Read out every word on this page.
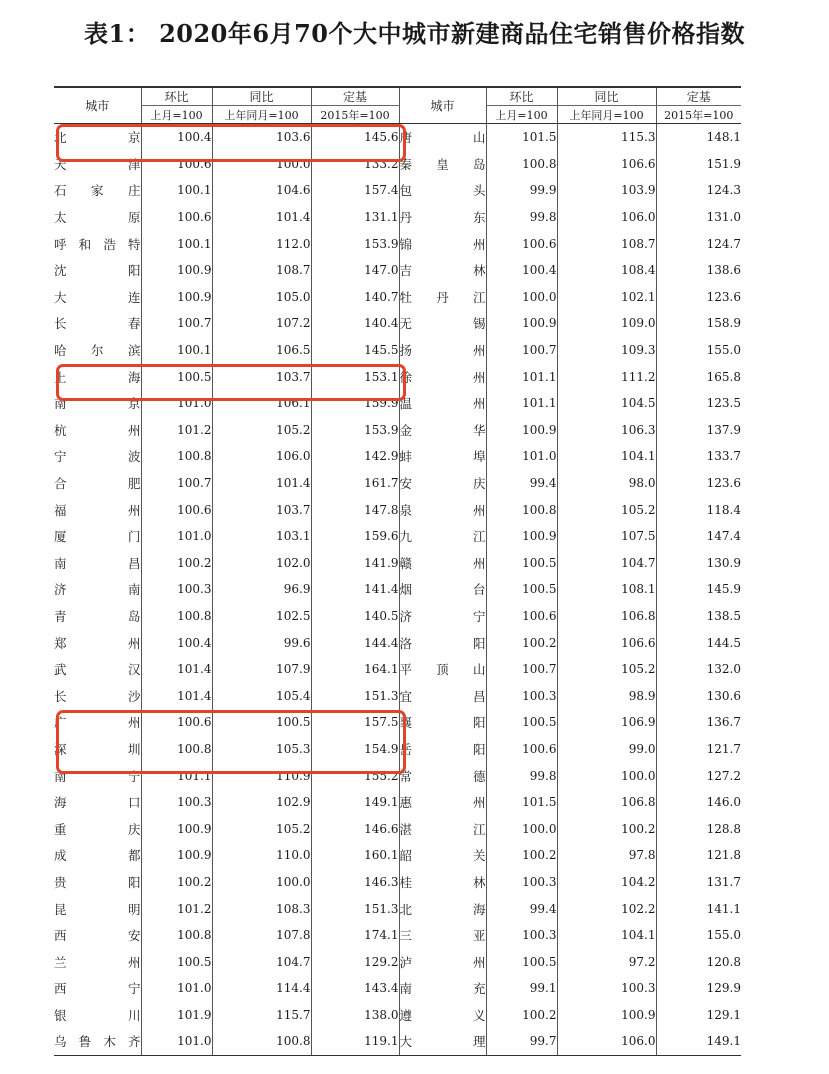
表1： 2020年6月70个大中城市新建商品住宅销售价格指数
城市	环比	同比	定基	城市	环比	同比	定基
	上月=100	上年同月=100	2015年=100		上月=100	上年同月=100	2015年=100
北　京	100.4	103.6	145.6	唐　山	101.5	115.3	148.1
天　津	100.6	100.0	133.2	秦皇岛	100.8	106.6	151.9
石家庄	100.1	104.6	157.4	包　头	99.9	103.9	124.3
太　原	100.6	101.4	131.1	丹　东	99.8	106.0	131.0
呼和浩特	100.1	112.0	153.9	锦　州	100.6	108.7	124.7
沈　阳	100.9	108.7	147.0	吉　林	100.4	108.4	138.6
大　连	100.9	105.0	140.7	牡丹江	100.0	102.1	123.6
长　春	100.7	107.2	140.4	无　锡	100.9	109.0	158.9
哈尔滨	100.1	106.5	145.5	扬　州	100.7	109.3	155.0
上　海	100.5	103.7	153.1	徐　州	101.1	111.2	165.8
南　京	101.0	106.1	159.9	温　州	101.1	104.5	123.5
杭　州	101.2	105.2	153.9	金　华	100.9	106.3	137.9
宁　波	100.8	106.0	142.9	蚌　埠	101.0	104.1	133.7
合　肥	100.7	101.4	161.7	安　庆	99.4	98.0	123.6
福　州	100.6	103.7	147.8	泉　州	100.8	105.2	118.4
厦　门	101.0	103.1	159.6	九　江	100.9	107.5	147.4
南　昌	100.2	102.0	141.9	赣　州	100.5	104.7	130.9
济　南	100.3	96.9	141.4	烟　台	100.5	108.1	145.9
青　岛	100.8	102.5	140.5	济　宁	100.6	106.8	138.5
郑　州	100.4	99.6	144.4	洛　阳	100.2	106.6	144.5
武　汉	101.4	107.9	164.1	平顶山	100.7	105.2	132.0
长　沙	101.4	105.4	151.3	宜　昌	100.3	98.9	130.6
广　州	100.6	100.5	157.5	襄　阳	100.5	106.9	136.7
深　圳	100.8	105.3	154.9	岳　阳	100.6	99.0	121.7
南　宁	101.1	110.9	155.2	常　德	99.8	100.0	127.2
海　口	100.3	102.9	149.1	惠　州	101.5	106.8	146.0
重　庆	100.9	105.2	146.6	湛　江	100.0	100.2	128.8
成　都	100.9	110.0	160.1	韶　关	100.2	97.8	121.8
贵　阳	100.2	100.0	146.3	桂　林	100.3	104.2	131.7
昆　明	101.2	108.3	151.3	北　海	99.4	102.2	141.1
西　安	100.8	107.8	174.1	三　亚	100.3	104.1	155.0
兰　州	100.5	104.7	129.2	泸　州	100.5	97.2	120.8
西　宁	101.0	114.4	143.4	南　充	99.1	100.3	129.9
银　川	101.9	115.7	138.0	遵　义	100.2	100.9	129.1
乌鲁木齐	101.0	100.8	119.1	大　理	99.7	106.0	149.1
